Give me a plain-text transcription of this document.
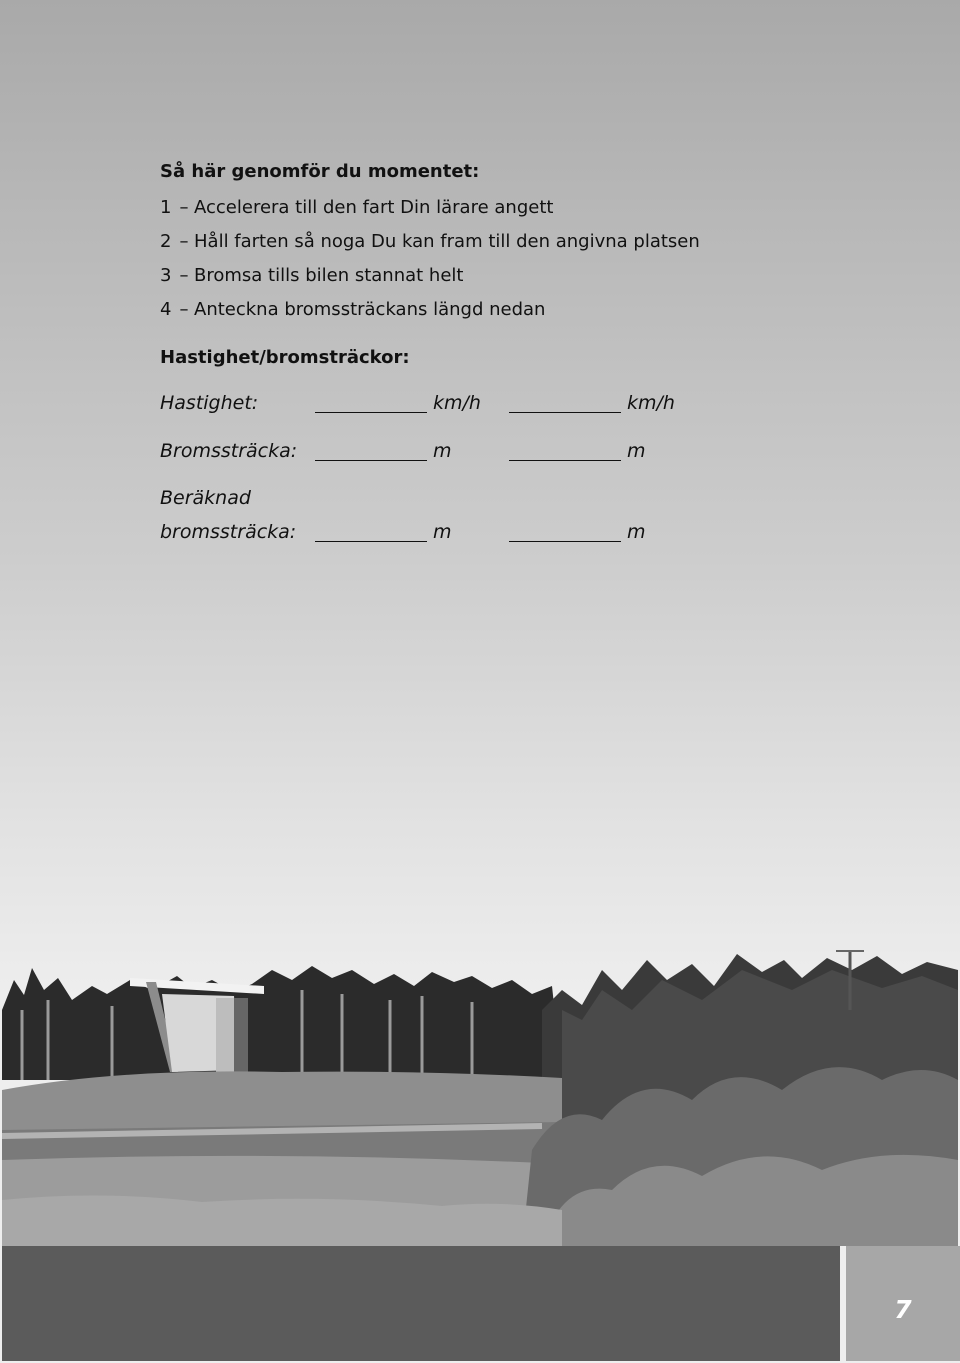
7
Så här genomför du momentet:
1 – Accelerera till den fart Din lärare angett
2 – Håll farten så noga Du kan fram till den angivna platsen
3 – Bromsa tills bilen stannat helt
4 – Anteckna bromssträckans längd nedan
Hastighet/bromsträckor:
Hastighet:	km/h	km/h
Bromssträcka:	m	m
Beräknad
bromssträcka:	m	m
